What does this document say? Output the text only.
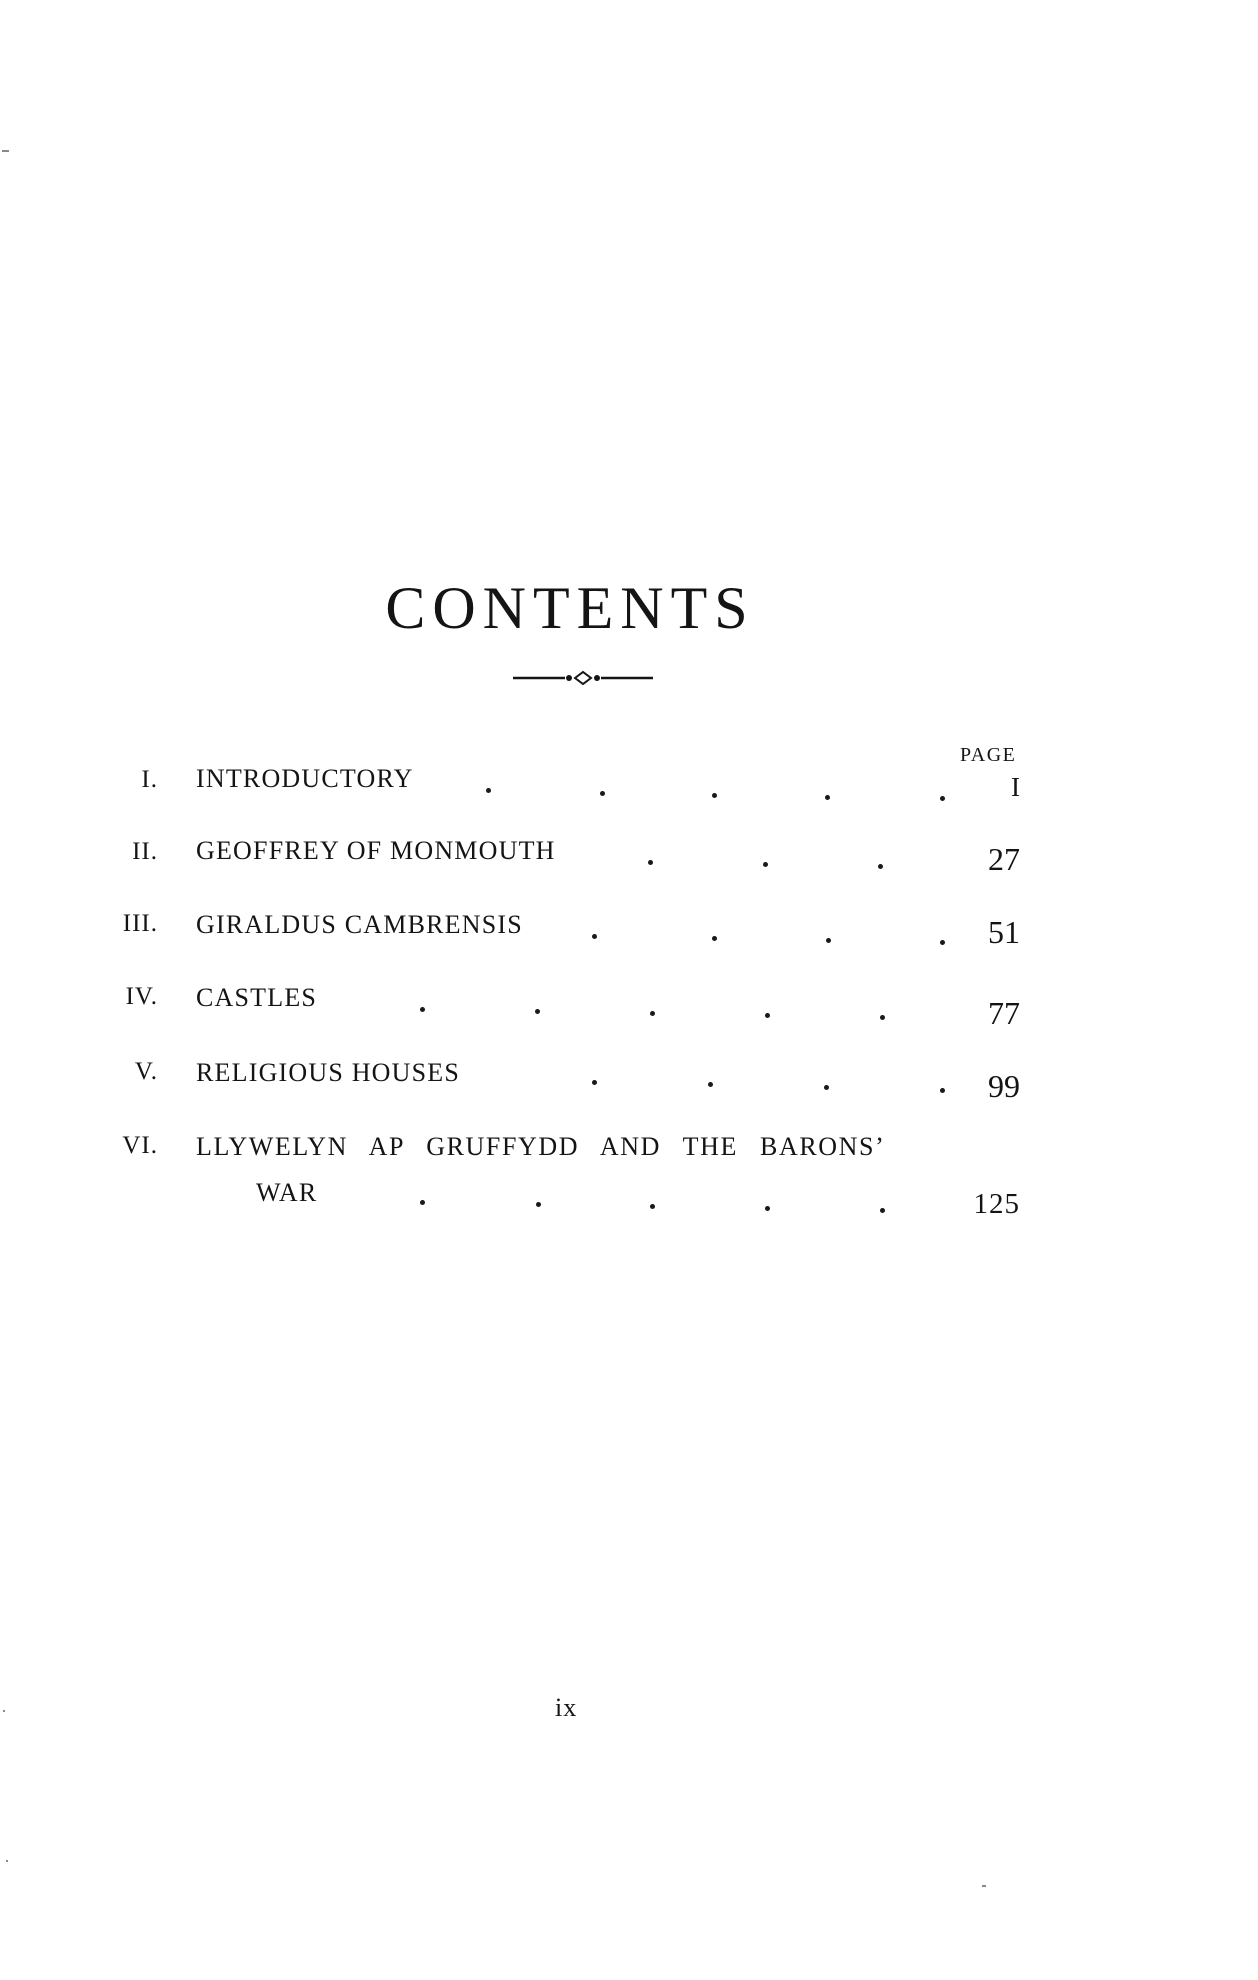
CONTENTS
PAGE
I. INTRODUCTORY	I
II. GEOFFREY OF MONMOUTH	27
III. GIRALDUS CAMBRENSIS	51
IV. CASTLES	77
V. RELIGIOUS HOUSES	99
VI. LLYWELYN AP GRUFFYDD AND THE BARONS’
WAR	125
ix
